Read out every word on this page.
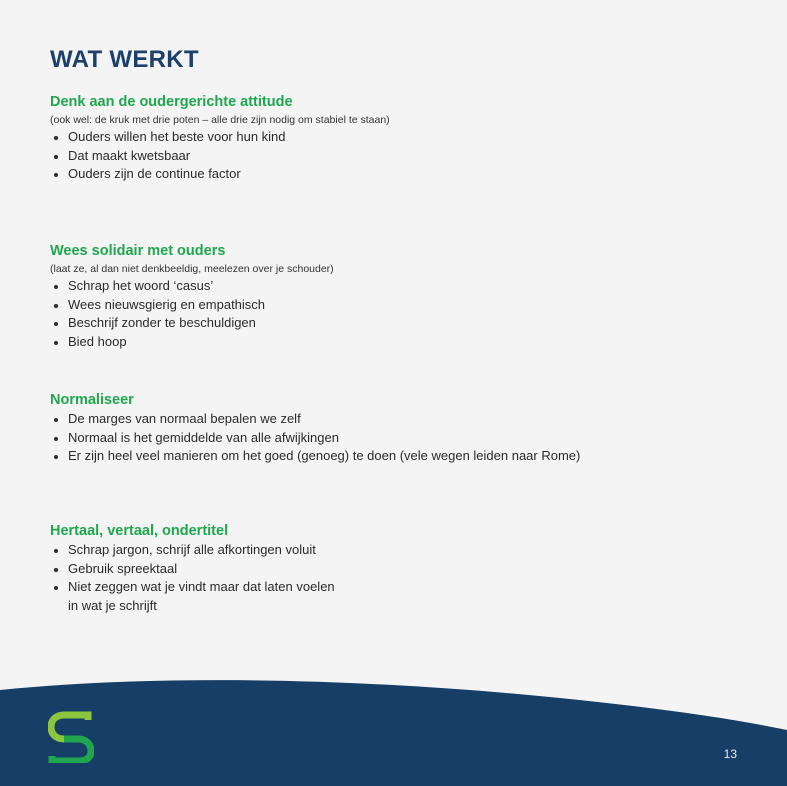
WAT WERKT
Denk aan de oudergerichte attitude
(ook wel: de kruk met drie poten – alle drie zijn nodig om stabiel te staan)
Ouders willen het beste voor hun kind
Dat maakt kwetsbaar
Ouders zijn de continue factor
Wees solidair met ouders
(laat ze, al dan niet denkbeeldig, meelezen over je schouder)
Schrap het woord ‘casus’
Wees nieuwsgierig en empathisch
Beschrijf zonder te beschuldigen
Bied hoop
Normaliseer
De marges van normaal bepalen we zelf
Normaal is het gemiddelde van alle afwijkingen
Er zijn heel veel manieren om het goed (genoeg) te doen (vele wegen leiden naar Rome)
Hertaal, vertaal, ondertitel
Schrap jargon, schrijf alle afkortingen voluit
Gebruik spreektaal
Niet zeggen wat je vindt maar dat laten voelen
in wat je schrijft
13
